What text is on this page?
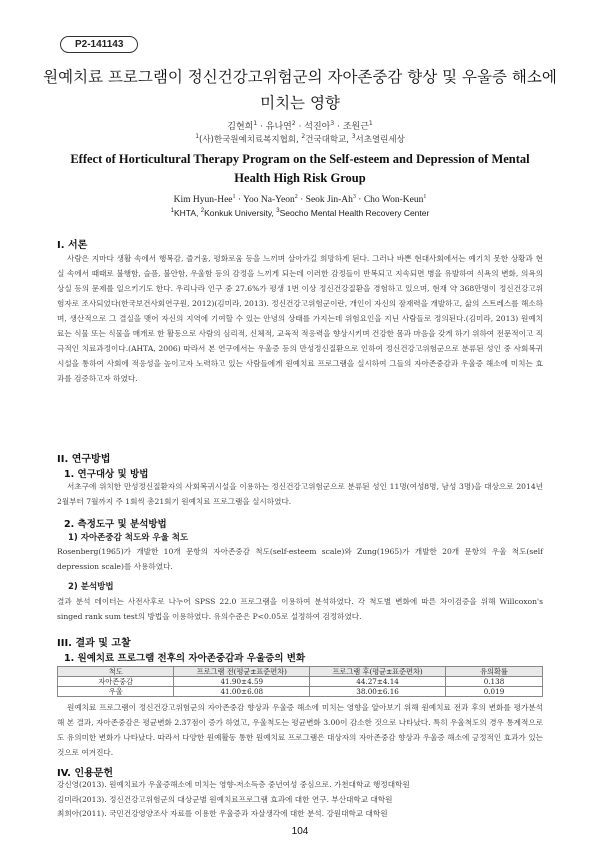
P2-141143
원예치료 프로그램이 정신건강고위험군의 자아존중감 향상 및 우울증 해소에 미치는 영향
김현희$^1$ · 유나연$^2$ · 석진아$^3$ · 조원근$^1$
$^1$(사)한국원예치료복지협회, $^2$건국대학교, $^3$서초열린세상
Effect of Horticultural Therapy Program on the Self-esteem and Depression of Mental Health High Risk Group
Kim Hyun-Hee$^1$ · Yoo Na-Yeon$^2$ · Seok Jin-$Ah^3$ · Cho Won-Keun$^1$
$^1$KHTA, $^2$Konkuk University, $^3$Seocho Mental Health Recovery Center
I. 서론
사람은 지마다 생활 속에서 행복감, 즐거움, 평화로움 등을 느끼며 살아가길 희망하게 된다. 그러나 바쁜 현대사회에서는 예기치 못한 상황과 현실 속에서 때때로 불행함, 슬픔, 불안함, 우울함 등의 감정을 느끼게 되는데 이러한 감정들이 반복되고 지속되면 병을 유발하여 식욕의 변화, 의욕의 상실 등의 문제를 일으키기도 한다. 우리나라 인구 중 27.6%가 평생 1번 이상 정신건강질환을 경험하고 있으며, 현재 약 368만명이 정신건강고위험자로 조사되었다(한국보건사회연구원, 2012)(김미라, 2013). 정신건강고위험군이란, 개인이 자신의 잠재력을 개발하고, 삶의 스트레스를 해소하며, 생산적으로 그 결실을 맺어 자신의 지역에 기여할 수 있는 안녕의 상태를 가지는데 위험요인을 지닌 사람들로 정의된다.(김미라, 2013) 원예치료는 식물 또는 식물을 매개로 한 활동으로 사람의 심리적, 신체적, 교육적 적응력을 향상시키며 건강한 몸과 마음을 갖게 하기 위하여 전문적이고 직극적인 치료과정이다.(AHTA, 2006) 따라서 본 연구에서는 우울증 등의 만성정신질환으로 인하여 정신건강고위험군으로 분류된 성인 중 사회복귀시설을 통하여 사회에 적응성을 높이고자 노력하고 있는 사람들에게 원예치료 프로그램을 실시하여 그들의 자아존중감과 우울증 해소에 미치는 효과를 검증하고자 하였다.
II. 연구방법
1. 연구대상 및 방법
서초구에 위치한 만성정신질환자의 사회복귀시설을 이용하는 정신건강고위험군으로 분류된 성인 11명(여성8명, 남성 3명)을 대상으로 2014년 2월부터 7월까지 주 1회씩 총21회기 원예치료 프로그램을 실시하였다.
2. 측정도구 및 분석방법
1) 자아존중감 척도와 우울 척도
Rosenberg(1965)가 개발한 10개 문항의 자아존중감 척도(self-esteem scale)와 Zung(1965)가 개발한 20개 문항의 우울 척도(self depression scale)를 사용하였다.
2) 분석방법
결과 분석 데이터는 사전사후로 나누어 SPSS 22.0 프로그램을 이용하여 분석하였다. 각 척도별 변화에 따른 차이검증을 위해 Willcoxon's singed rank sum test의 방법을 이용하였다. 유의수준은 P<0.05로 설정하여 검정하였다.
III. 결과 및 고찰
1. 원예치료 프로그램 전후의 자아존중감과 우울증의 변화
척도	프로그램 전(평균±표준편차)	프로그램 후(평균±표준편차)	유의확률
자아존중감	41.90±4.59	44.27±4.14	0.138
우울	41.00±6.08	38.00±6.16	0.019
원예치료 프로그램이 정신건강고위험군의 자아존중감 향상과 우울증 해소에 미치는 영향을 알아보기 위해 원예치료 전과 후의 변화를 평가분석해 본 결과, 자아존중감은 평균변화 2.37점이 증가 하였고, 우울척도는 평균변화 3.00이 감소한 것으로 나타났다. 특히 우울척도의 경우 통계적으로도 유의미한 변화가 나타났다. 따라서 다양한 원예활동 통한 원예치료 프로그램은 대상자의 자아존중감 향상과 우울증 해소에 긍정적인 효과가 있는 것으로 여겨진다.
IV. 인용문헌
강신영(2013). 원예치료가 우울증해소에 미치는 영향-저소득층 중년여성 중심으로. 가천대학교 행정대학원
김미라(2013). 정신건강고위험군의 대상군별 원예치료프로그램 효과에 대한 연구. 부산대학교 대학원
최희아(2011). 국민건강영양조사 자료를 이용한 우울증과 자살생각에 대한 분석. 강원대학교 대학원
104
